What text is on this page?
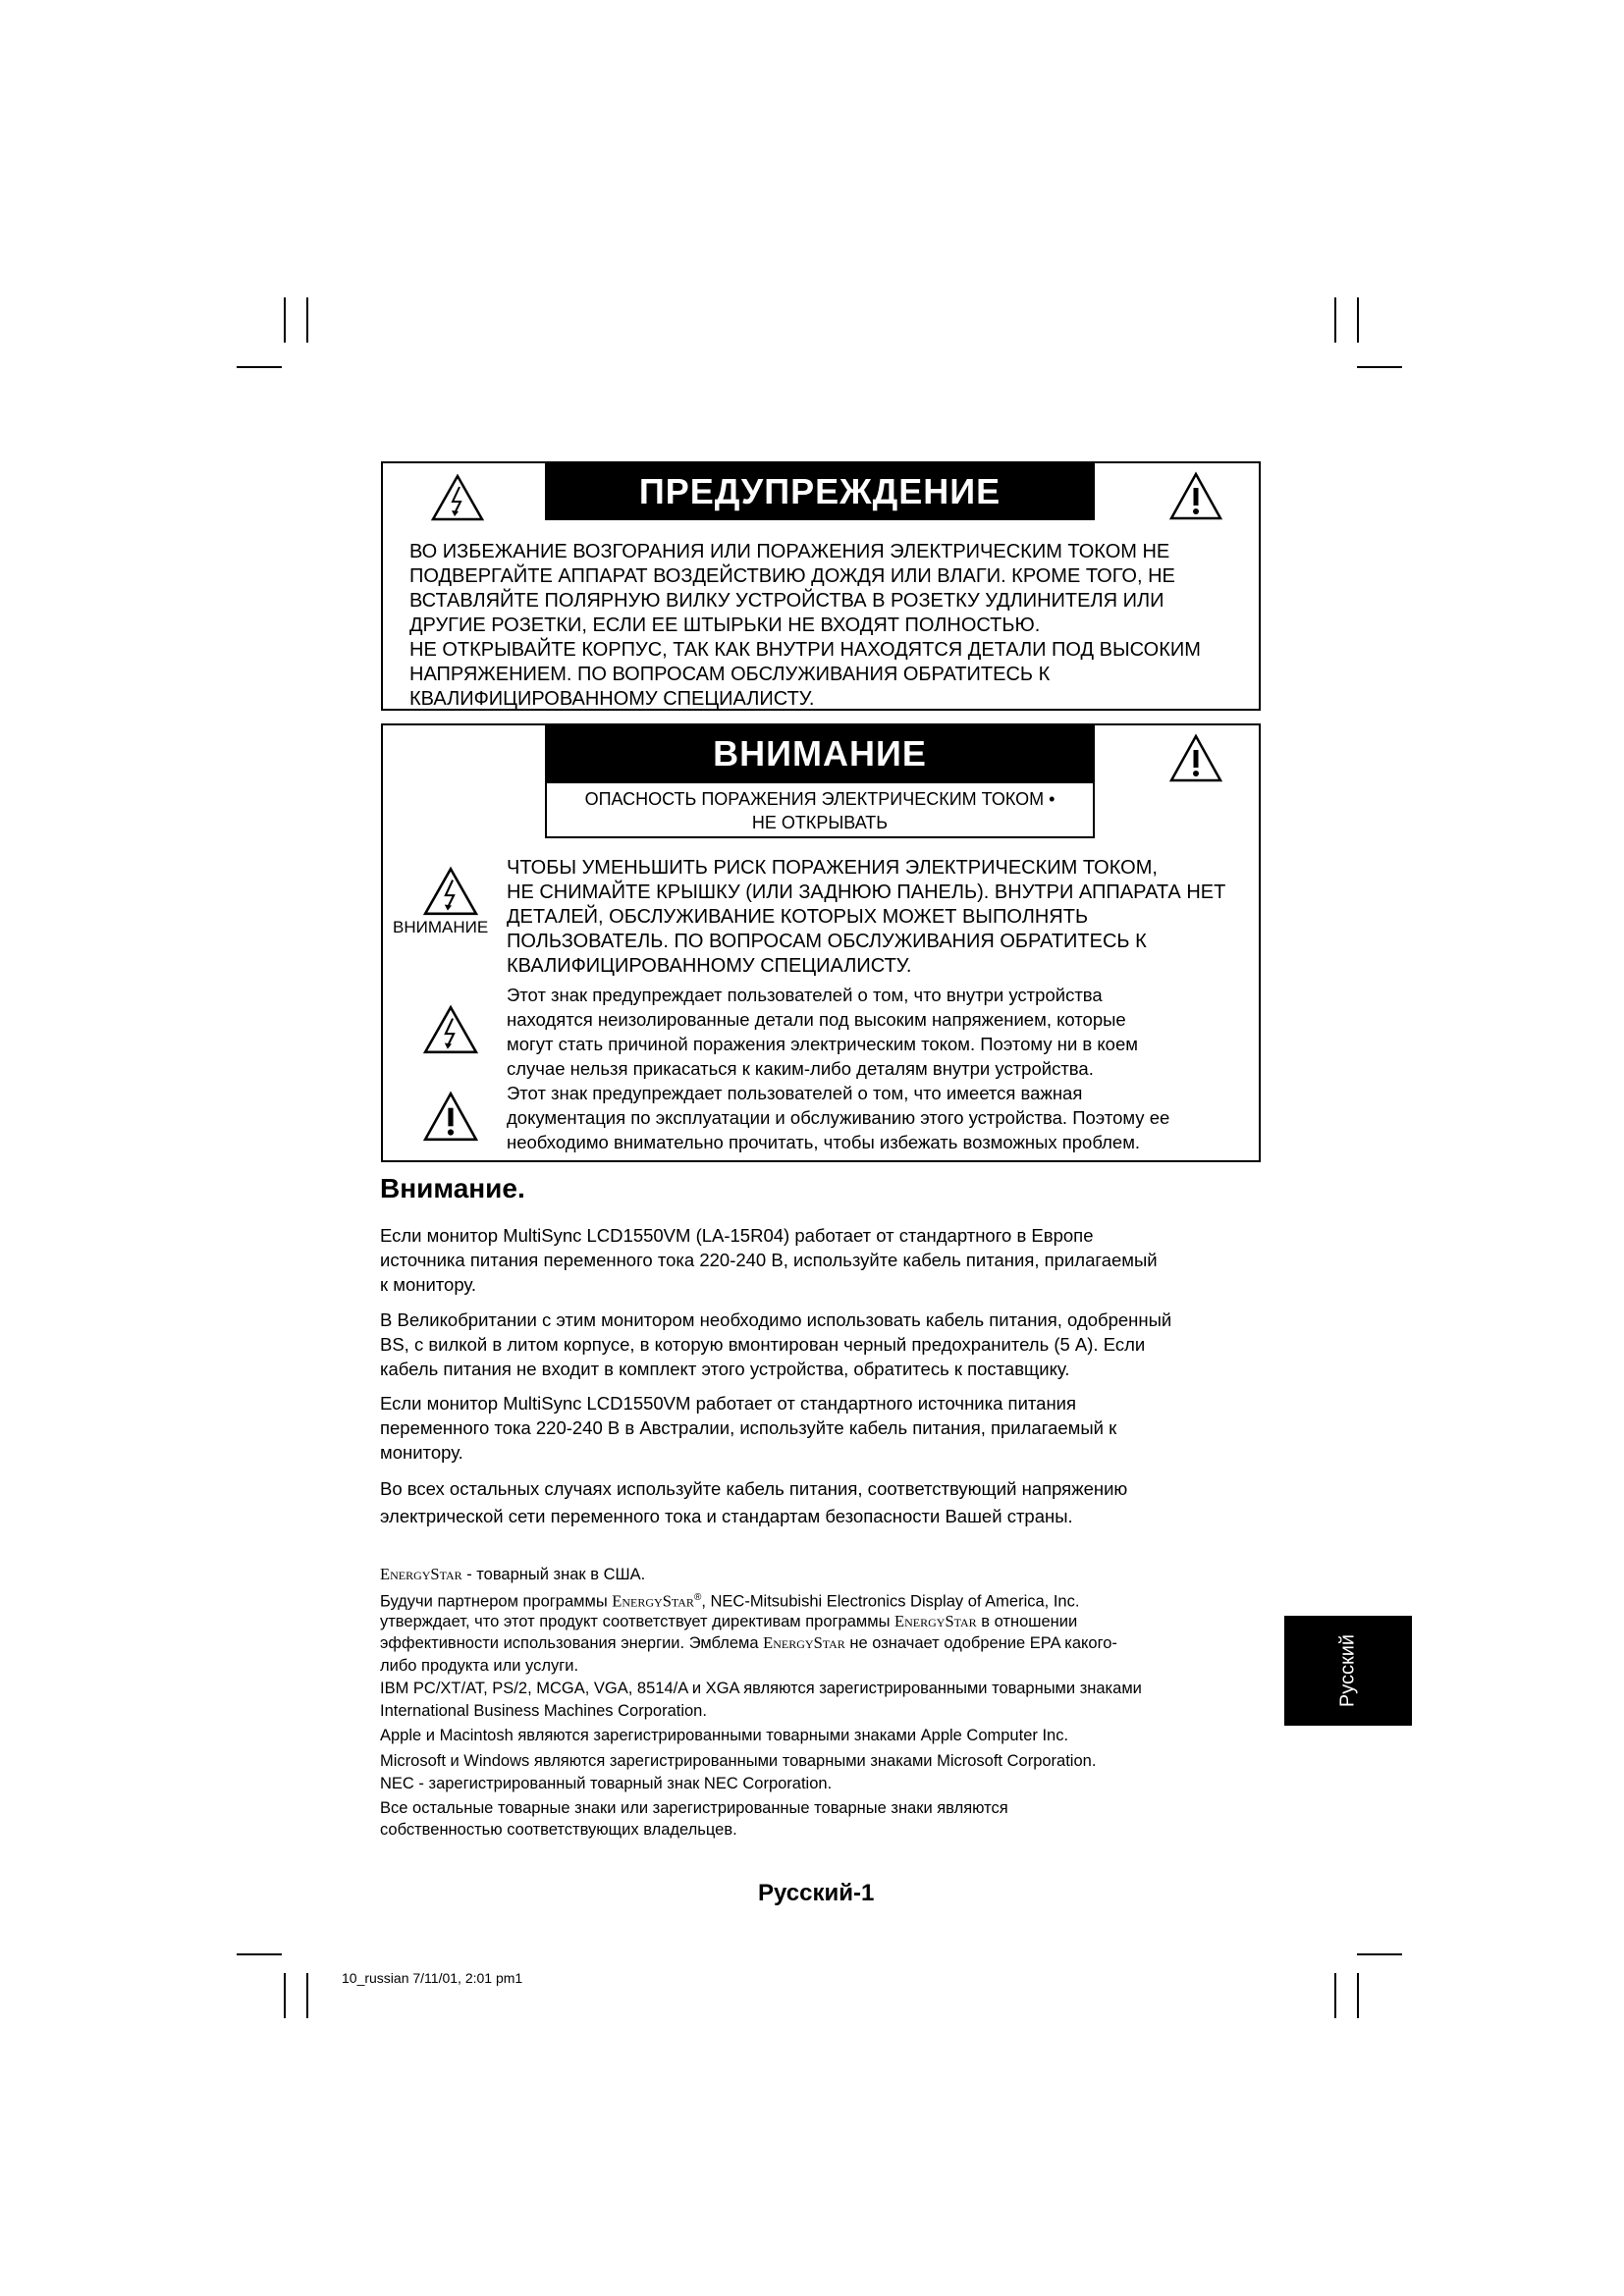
ПРЕДУПРЕЖДЕНИЕ

ВО ИЗБЕЖАНИЕ ВОЗГОРАНИЯ ИЛИ ПОРАЖЕНИЯ ЭЛЕКТРИЧЕСКИМ ТОКОМ НЕ

ПОДВЕРГАЙТЕ АППАРАТ ВОЗДЕЙСТВИЮ ДОЖДЯ ИЛИ ВЛАГИ. КРОМЕ ТОГО, НЕ

ВСТАВЛЯЙТЕ ПОЛЯРНУЮ ВИЛКУ УСТРОЙСТВА В РОЗЕТКУ УДЛИНИТЕЛЯ ИЛИ

ДРУГИЕ РОЗЕТКИ, ЕСЛИ ЕЕ ШТЫРЬКИ НЕ ВХОДЯТ ПОЛНОСТЬЮ.

НЕ ОТКРЫВАЙТЕ КОРПУС, ТАК КАК ВНУТРИ НАХОДЯТСЯ ДЕТАЛИ ПОД ВЫСОКИМ

НАПРЯЖЕНИЕМ. ПО ВОПРОСАМ ОБСЛУЖИВАНИЯ ОБРАТИТЕСЬ К

КВАЛИФИЦИРОВАННОМУ СПЕЦИАЛИСТУ.

ВНИМАНИЕ
ОПАСНОСТЬ ПОРАЖЕНИЯ ЭЛЕКТРИЧЕСКИМ ТОКОМ •
НЕ ОТКРЫВАТЬ
ВНИМАНИЕ
ЧТОБЫ УМЕНЬШИТЬ РИСК ПОРАЖЕНИЯ ЭЛЕКТРИЧЕСКИМ ТОКОМ,
НЕ СНИМАЙТЕ КРЫШКУ (ИЛИ ЗАДНЮЮ ПАНЕЛЬ). ВНУТРИ АППАРАТА НЕТ
ДЕТАЛЕЙ, ОБСЛУЖИВАНИЕ КОТОРЫХ МОЖЕТ ВЫПОЛНЯТЬ
ПОЛЬЗОВАТЕЛЬ. ПО ВОПРОСАМ ОБСЛУЖИВАНИЯ ОБРАТИТЕСЬ К
КВАЛИФИЦИРОВАННОМУ СПЕЦИАЛИСТУ.
Этот знак предупреждает пользователей о том, что внутри устройства
находятся неизолированные детали под высоким напряжением, которые
могут стать причиной поражения электрическим током. Поэтому ни в коем
случае нельзя прикасаться к каким-либо деталям внутри устройства.
Этот знак предупреждает пользователей о том, что имеется важная
документация по эксплуатации и обслуживанию этого устройства. Поэтому ее
необходимо внимательно прочитать, чтобы избежать возможных проблем.
Внимание.
Если монитор MultiSync LCD1550VM (LA-15R04) работает от стандартного в Европе
источника питания переменного тока 220-240 В, используйте кабель питания, прилагаемый
к монитору.
В Великобритании с этим монитором необходимо использовать кабель питания, одобренный
BS, с вилкой в литом корпусе, в которую вмонтирован черный предохранитель (5 А). Если
кабель питания не входит в комплект этого устройства, обратитесь к поставщику.
Если монитор MultiSync LCD1550VM работает от стандартного источника питания
переменного тока 220-240 В в Австралии, используйте кабель питания, прилагаемый к
монитору.
Во всех остальных случаях используйте кабель питания, соответствующий напряжению
электрической сети переменного тока и стандартам безопасности Вашей страны.
EnergyStar - товарный знак в США.
Будучи партнером программы EnergyStar®, NEC-Mitsubishi Electronics Display of America, Inc.
утверждает, что этот продукт соответствует директивам программы EnergyStar в отношении
эффективности использования энергии. Эмблема EnergyStar не означает одобрение EPA какого-
либо продукта или услуги.
IBM PC/XT/AT, PS/2, MCGA, VGA, 8514/A и XGA являются зарегистрированными товарными знаками
International Business Machines Corporation.
Apple и Macintosh являются зарегистрированными товарными знаками Apple Computer Inc.
Microsoft и Windows являются зарегистрированными товарными знаками Microsoft Corporation.
NEC - зарегистрированный товарный знак NEC Corporation.
Все остальные товарные знаки или зарегистрированные товарные знаки являются
собственностью соответствующих владельцев.
Русский
Русский-1
10_russian 7/11/01, 2:01 pm1
